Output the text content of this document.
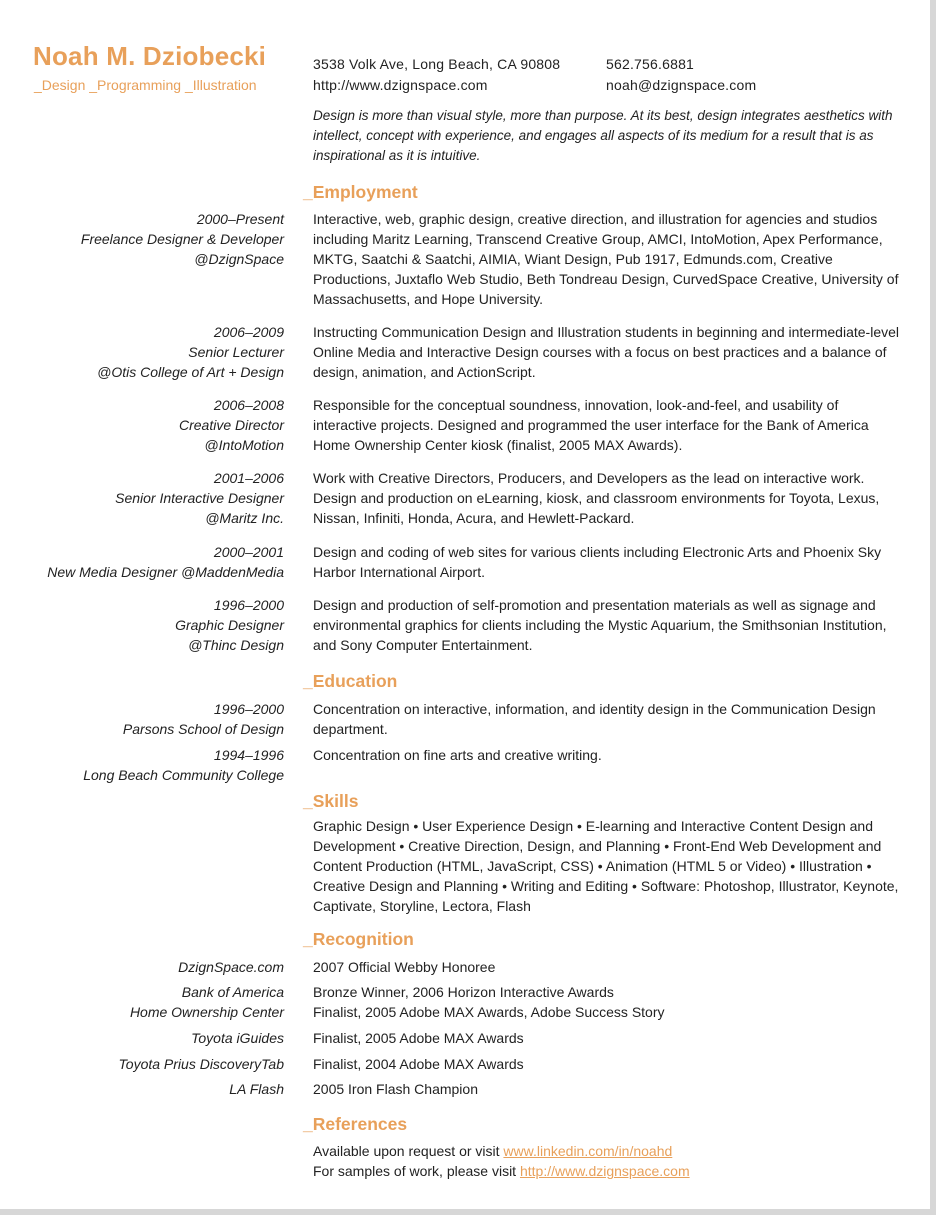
Noah M. Dziobecki
_Design _Programming _Illustration
3538 Volk Ave, Long Beach, CA 90808	562.756.6881
http://www.dzignspace.com	noah@dzignspace.com
Design is more than visual style, more than purpose. At its best, design integrates aesthetics with intellect, concept with experience, and engages all aspects of its medium for a result that is as inspirational as it is intuitive.
_Employment
2000–Present
Freelance Designer & Developer
@DzignSpace
Interactive, web, graphic design, creative direction, and illustration for agencies and studios including Maritz Learning, Transcend Creative Group, AMCI, IntoMotion, Apex Performance, MKTG, Saatchi & Saatchi, AIMIA, Wiant Design, Pub 1917, Edmunds.com, Creative Productions, Juxtaflo Web Studio, Beth Tondreau Design, CurvedSpace Creative, University of Massachusetts, and Hope University.
2006–2009
Senior Lecturer
@Otis College of Art + Design
Instructing Communication Design and Illustration students in beginning and intermediate-level Online Media and Interactive Design courses with a focus on best practices and a balance of design, animation, and ActionScript.
2006–2008
Creative Director
@IntoMotion
Responsible for the conceptual soundness, innovation, look-and-feel, and usability of interactive projects. Designed and programmed the user interface for the Bank of America Home Ownership Center kiosk (finalist, 2005 MAX Awards).
2001–2006
Senior Interactive Designer
@Maritz Inc.
Work with Creative Directors, Producers, and Developers as the lead on interactive work. Design and production on eLearning, kiosk, and classroom environments for Toyota, Lexus, Nissan, Infiniti, Honda, Acura, and Hewlett-Packard.
2000–2001
New Media Designer @MaddenMedia
Design and coding of web sites for various clients including Electronic Arts and Phoenix Sky Harbor International Airport.
1996–2000
Graphic Designer
@Thinc Design
Design and production of self-promotion and presentation materials as well as signage and environmental graphics for clients including the Mystic Aquarium, the Smithsonian Institution, and Sony Computer Entertainment.
_Education
1996–2000
Parsons School of Design
Concentration on interactive, information, and identity design in the Communication Design department.
1994–1996
Long Beach Community College
Concentration on fine arts and creative writing.
_Skills
Graphic Design • User Experience Design • E-learning and Interactive Content Design and Development • Creative Direction, Design, and Planning • Front-End Web Development and Content Production (HTML, JavaScript, CSS) • Animation (HTML 5 or Video) • Illustration • Creative Design and Planning • Writing and Editing • Software: Photoshop, Illustrator, Keynote, Captivate, Storyline, Lectora, Flash
_Recognition
DzignSpace.com 2007 Official Webby Honoree
Bank of America
Home Ownership Center
Bronze Winner, 2006 Horizon Interactive Awards
Finalist, 2005 Adobe MAX Awards, Adobe Success Story
Toyota iGuides Finalist, 2005 Adobe MAX Awards
Toyota Prius DiscoveryTab Finalist, 2004 Adobe MAX Awards
LA Flash 2005 Iron Flash Champion
_References
Available upon request or visit www.linkedin.com/in/noahd
For samples of work, please visit http://www.dzignspace.com
